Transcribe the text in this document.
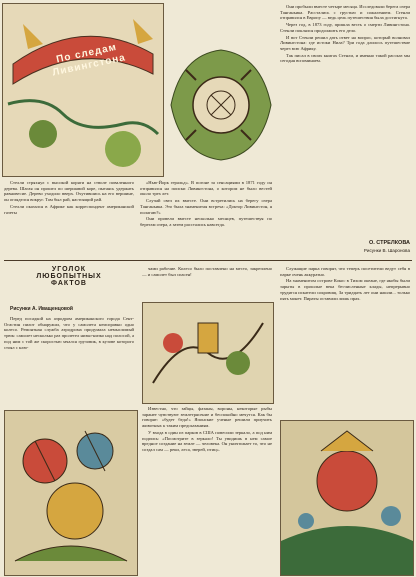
По следам Ливингстона

Стелли стряхнул с высокой коряги на стволе поваленного дерева. Шагая он прошел по шершавой коре, пытаясь удержать равновесие. Дерево уходило вверх. Очутившись на его вершине, он огляделся вокруг. Там был рай, настоящий рай.

Стелли оказался в Африке как корреспондент американской газеты

«Нью-Йорк геральд». В погоне за сенсациями в 1871 году он отправился на поиски Ливингстона, о котором не было вестей около трех лет.

Случай свел их вместе. Они встретились на берегу озера Танганьика. Это была знаменитая встреча: «Доктор Ливингстон, я полагаю?»

Они провели вместе несколько месяцев, путешествуя по берегам озера, а затем расстались навсегда.

Они пробыли вместе четыре месяца. Исследовали берега озера Танганьика. Расстались с грустью и сожалением. Стенли отправился в Европу — ведь цель путешествия была достигнута.

Через год, в 1873 году, пришла весть о смерти Ливингстона. Стенли поклялся продолжить его дело.

И вот Стенли решил дать ответ на вопрос, который волновал Ливингстона: где истоки Нила? Три года длилось путешествие через всю Африку.

Так писал в своих книгах Стенли, и именно такой рассказ мы сегодня вспоминаем.

О. СТРЕЛКОВА
Рисунки В. Шаронова
УГОЛОК
ЛЮБОПЫТНЫХ
ФАКТОВ
Рисунки А. Иващенцовой

Перед посадкой на аэродром американского города Сент-Огастин пилот обнаружил, что у самолета неисправно одно колесо. Ремонтная служба аэродрома придумала немыслимый трюк: самолет несколько раз пролетел низко-низко над полосой, а под ним с той же скоростью мчался грузовик, в кузове которого стоял с клю-

чами рабочие. Колесо было поставлено на место, закреплено — и самолет был спасен!

Известно, что зайцы, фазаны, вороны, некоторые рыбы заранее чувствуют землетрясение и беспокойно мечутся. Как бы говорят: «будет беда!» Японские ученые решили приучить животных к таким предсказаниям.

У входа в один из парков в США повесили зеркало, а под ним подпись: «Посмотрите в зеркало! Ты увидишь в нем самое вредное создание на земле — человека. Он уничтожает то, что не создал сам — реки, леса, зверей, птиц».

Служащие парка говорят, что теперь посетители ведут себя в парке очень аккуратно.

На знаменитом острове Кокос в Тихом океане, где якобы были зарыты в прошлые века бесчисленные клады, непрерывно трудятся искатели сокровищ. За тридцать лет они нашли... только пять монет. Пираты оставили лишь прах.
